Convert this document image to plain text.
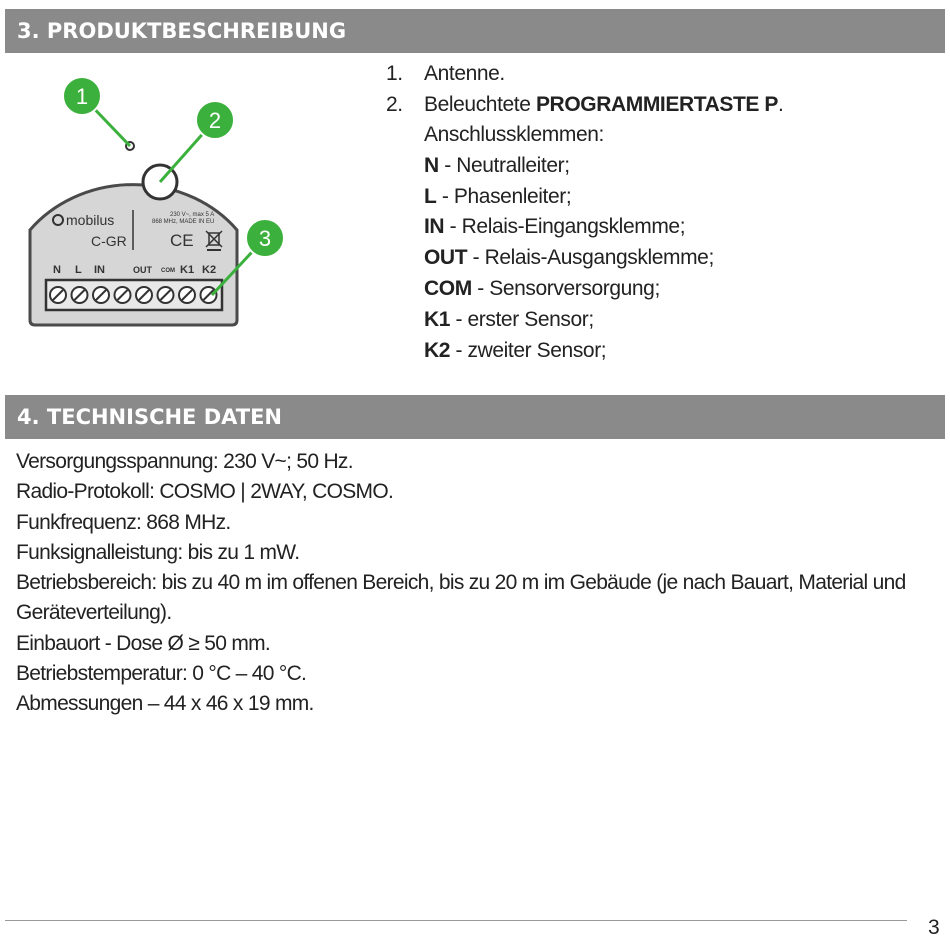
3. PRODUKTBESCHREIBUNG
mobilus
C-GR
230 V~, max 5 A
868 MHz, MADE IN EU
CE
N L IN	OUT COM K1 K2
1
2
3
1. Antenne.
2. Beleuchtete PROGRAMMIERTASTE P.
Anschlussklemmen:
N - Neutralleiter;
L - Phasenleiter;
IN - Relais-Eingangsklemme;
OUT - Relais-Ausgangsklemme;
COM - Sensorversorgung;
K1 - erster Sensor;
K2 - zweiter Sensor;
4. TECHNISCHE DATEN
Versorgungsspannung: 230 V~; 50 Hz.
Radio-Protokoll: COSMO | 2WAY, COSMO.
Funkfrequenz: 868 MHz.
Funksignalleistung: bis zu 1 mW.
Betriebsbereich: bis zu 40 m im offenen Bereich, bis zu 20 m im Gebäude (je nach Bauart, Material und Geräteverteilung).
Einbauort - Dose Ø ≥ 50 mm.
Betriebstemperatur: 0 °C – 40 °C.
Abmessungen – 44 x 46 x 19 mm.
3
